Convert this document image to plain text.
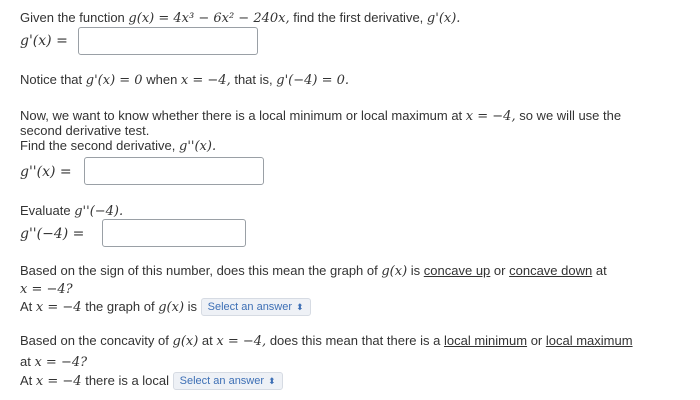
Given the function g(x) = 4x³ − 6x² − 240x, find the first derivative, g'(x).
g'(x) =
Notice that g'(x) = 0 when x = −4, that is, g'(−4) = 0.
Now, we want to know whether there is a local minimum or local maximum at x = −4, so we will use the
second derivative test.
Find the second derivative, g''(x).
g''(x) =
Evaluate g''(−4).
g''(−4) =
Based on the sign of this number, does this mean the graph of g(x) is concave up or concave down at
x = −4?
At x = −4 the graph of g(x) is Select an answer ⬍
Based on the concavity of g(x) at x = −4, does this mean that there is a local minimum or local maximum
at x = −4?
At x = −4 there is a local Select an answer ⬍
